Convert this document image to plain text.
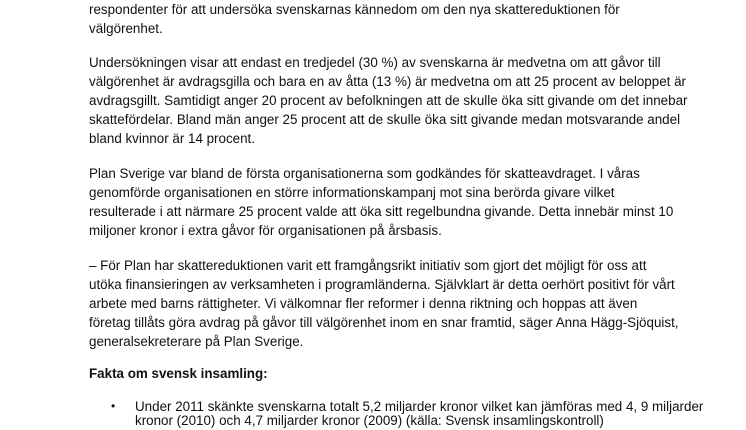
respondenter för att undersöka svenskarnas kännedom om den nya skattereduktionen för
välgörenhet.
Undersökningen visar att endast en tredjedel (30 %) av svenskarna är medvetna om att gåvor till
välgörenhet är avdragsgilla och bara en av åtta (13 %) är medvetna om att 25 procent av beloppet är
avdragsgillt. Samtidigt anger 20 procent av befolkningen att de skulle öka sitt givande om det innebar
skattefördelar. Bland män anger 25 procent att de skulle öka sitt givande medan motsvarande andel
bland kvinnor är 14 procent.
Plan Sverige var bland de första organisationerna som godkändes för skatteavdraget. I våras
genomförde organisationen en större informationskampanj mot sina berörda givare vilket
resulterade i att närmare 25 procent valde att öka sitt regelbundna givande. Detta innebär minst 10
miljoner kronor i extra gåvor för organisationen på årsbasis.
– För Plan har skattereduktionen varit ett framgångsrikt initiativ som gjort det möjligt för oss att
utöka finansieringen av verksamheten i programländerna. Självklart är detta oerhört positivt för vårt
arbete med barns rättigheter. Vi välkomnar fler reformer i denna riktning och hoppas att även
företag tillåts göra avdrag på gåvor till välgörenhet inom en snar framtid, säger Anna Hägg-Sjöquist,
generalsekreterare på Plan Sverige.
Fakta om svensk insamling:
• Under 2011 skänkte svenskarna totalt 5,2 miljarder kronor vilket kan jämföras med 4, 9 miljarder
kronor (2010) och 4,7 miljarder kronor (2009) (källa: Svensk insamlingskontroll)
